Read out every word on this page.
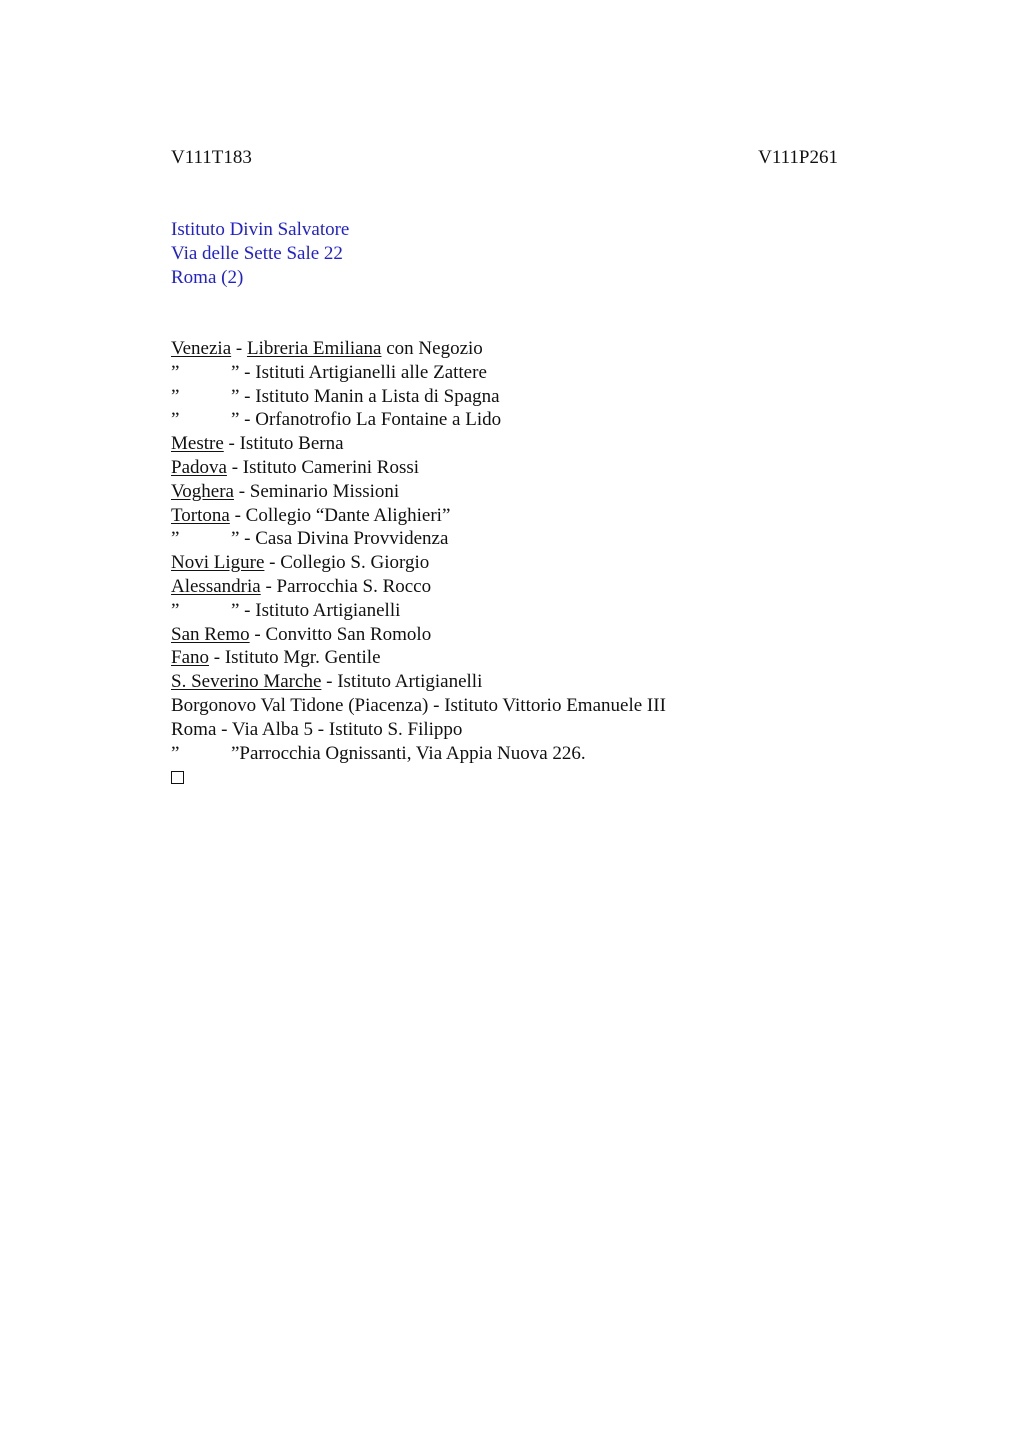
V111T183	V111P261
Istituto Divin Salvatore
Via delle Sette Sale 22
Roma (2)
Venezia - Libreria Emiliana con Negozio
”	” - Istituti Artigianelli alle Zattere
”	” - Istituto Manin a Lista di Spagna
”	” - Orfanotrofio La Fontaine a Lido
Mestre - Istituto Berna
Padova - Istituto Camerini Rossi
Voghera - Seminario Missioni
Tortona - Collegio “Dante Alighieri”
”	” - Casa Divina Provvidenza
Novi Ligure - Collegio S. Giorgio
Alessandria - Parrocchia S. Rocco
”	” - Istituto Artigianelli
San Remo - Convitto San Romolo
Fano - Istituto Mgr. Gentile
S. Severino Marche - Istituto Artigianelli
Borgonovo Val Tidone (Piacenza) - Istituto Vittorio Emanuele III
Roma - Via Alba 5 - Istituto S. Filippo
”	”Parrocchia Ognissanti, Via Appia Nuova 226.
